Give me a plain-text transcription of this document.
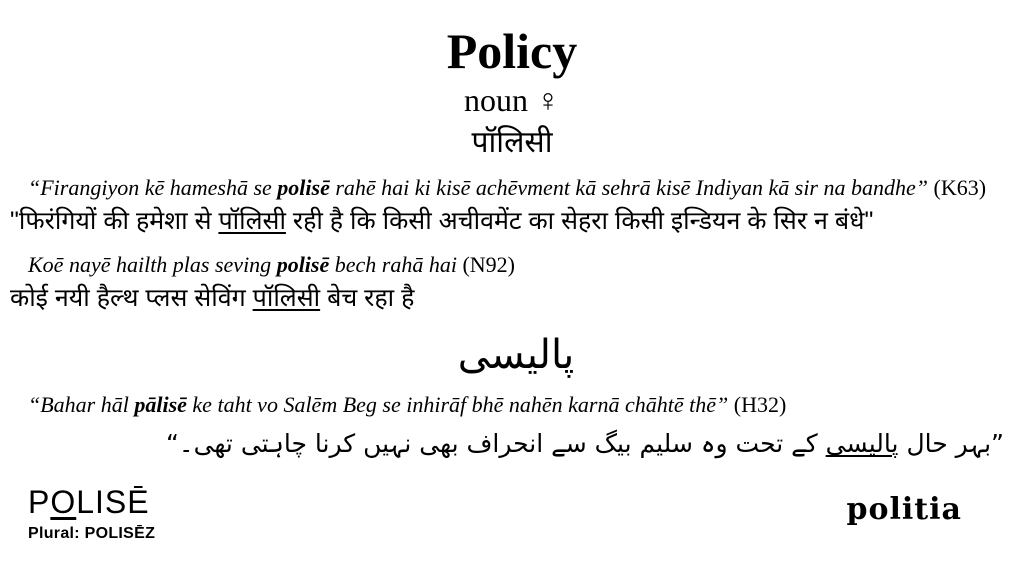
Policy
noun ♀
पॉलिसी

“Firangiyon kē hameshā se polisē rahē hai ki kisē achēvment kā sehrā kisē Indiyan kā sir na bandhe” (K63)

"फिरंगियों की हमेशा से पॉलिसी रही है कि किसी अचीवमेंट का सेहरा किसी इन्डियन के सिर न बंधे"

Koē nayē hailth plas seving polisē bech rahā hai (N92)

कोई नयी हैल्थ प्लस सेविंग पॉलिसी बेच रहा है

پالیسی

“Bahar hāl pālisē ke taht vo Salēm Beg se inhirāf bhē nahēn karnā chāhtē thē” (H32)

”بہر حال پالیسی کے تحت وہ سلیم بیگ سے انحراف بھی نہیں کرنا چاہتی تھی۔“

POLISĒ
Plural: POLISĒZ
politia
